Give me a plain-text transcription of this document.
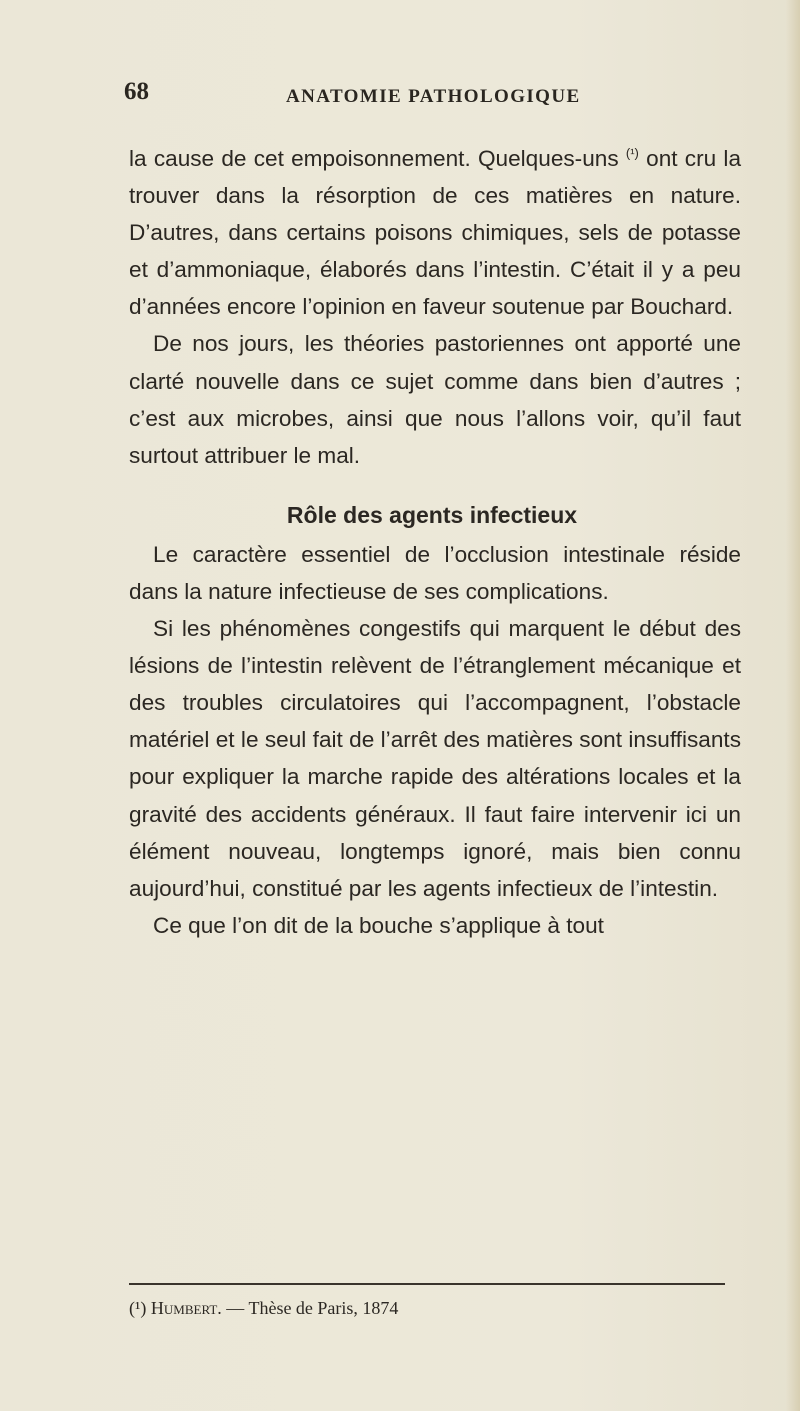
68	ANATOMIE PATHOLOGIQUE

la cause de cet empoisonnement. Quelques-uns $^{(^1)}$ ont cru la trouver dans la résorption de ces matières en nature. D’autres, dans certains poisons chimiques, sels de potasse et d’ammoniaque, élaborés dans l’intestin. C’était il y a peu d’années encore l’opinion en faveur soutenue par Bouchard.

De nos jours, les théories pastoriennes ont apporté une clarté nouvelle dans ce sujet comme dans bien d’autres ; c’est aux microbes, ainsi que nous l’allons voir, qu’il faut surtout attribuer le mal.

Rôle des agents infectieux

Le caractère essentiel de l’occlusion intestinale réside dans la nature infectieuse de ses complications.

Si les phénomènes congestifs qui marquent le début des lésions de l’intestin relèvent de l’étranglement mécanique et des troubles circulatoires qui l’accompagnent, l’obstacle matériel et le seul fait de l’arrêt des matières sont insuffisants pour expliquer la marche rapide des altérations locales et la gravité des accidents généraux. Il faut faire intervenir ici un élément nouveau, longtemps ignoré, mais bien connu aujourd’hui, constitué par les agents infectieux de l’intestin.

Ce que l’on dit de la bouche s’applique à tout

(¹) Humbert. — Thèse de Paris, 1874
